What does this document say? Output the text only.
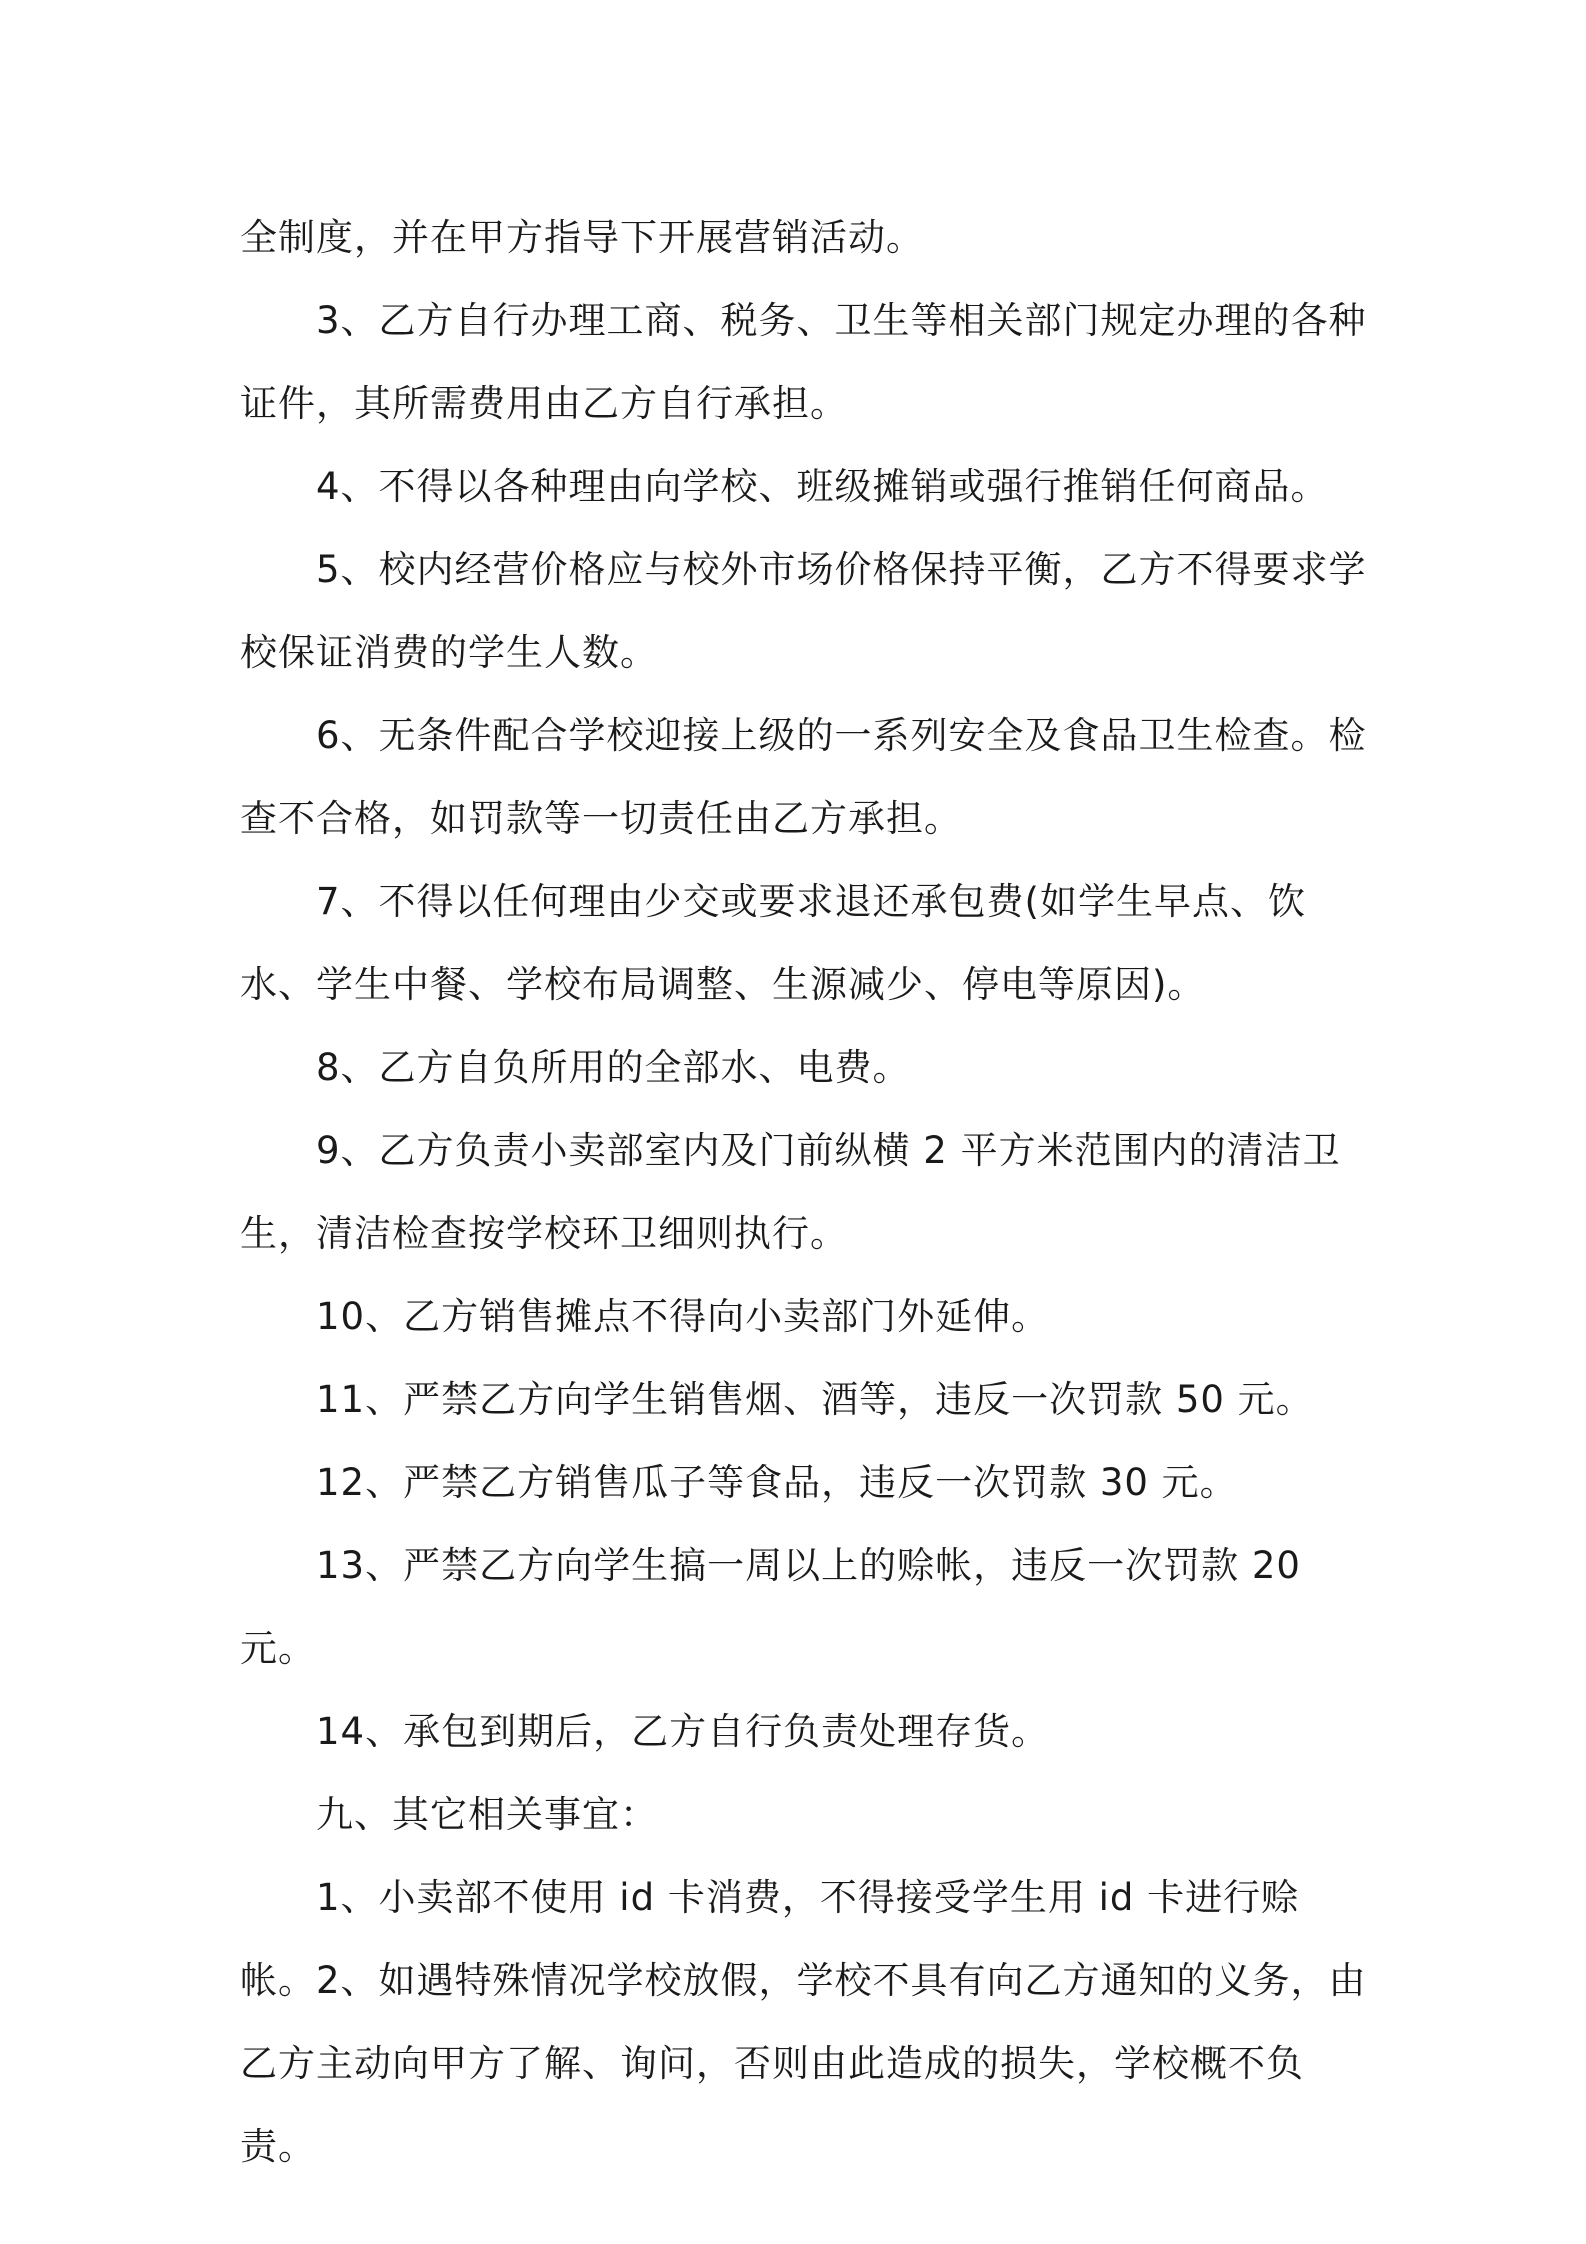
全制度，并在甲方指导下开展营销活动。

3、乙方自行办理工商、税务、卫生等相关部门规定办理的各种证件，其所需费用由乙方自行承担。

4、不得以各种理由向学校、班级摊销或强行推销任何商品。

5、校内经营价格应与校外市场价格保持平衡，乙方不得要求学校保证消费的学生人数。

6、无条件配合学校迎接上级的一系列安全及食品卫生检查。检查不合格，如罚款等一切责任由乙方承担。

7、不得以任何理由少交或要求退还承包费(如学生早点、饮水、学生中餐、学校布局调整、生源减少、停电等原因)。

8、乙方自负所用的全部水、电费。

9、乙方负责小卖部室内及门前纵横 2 平方米范围内的清洁卫生，清洁检查按学校环卫细则执行。

10、乙方销售摊点不得向小卖部门外延伸。

11、严禁乙方向学生销售烟、酒等，违反一次罚款 50 元。

12、严禁乙方销售瓜子等食品，违反一次罚款 30 元。

13、严禁乙方向学生搞一周以上的赊帐，违反一次罚款 20 元。

14、承包到期后，乙方自行负责处理存货。

九、其它相关事宜：

1、小卖部不使用 id 卡消费，不得接受学生用 id 卡进行赊帐。2、如遇特殊情况学校放假，学校不具有向乙方通知的义务，由乙方主动向甲方了解、询问，否则由此造成的损失，学校概不负责。
